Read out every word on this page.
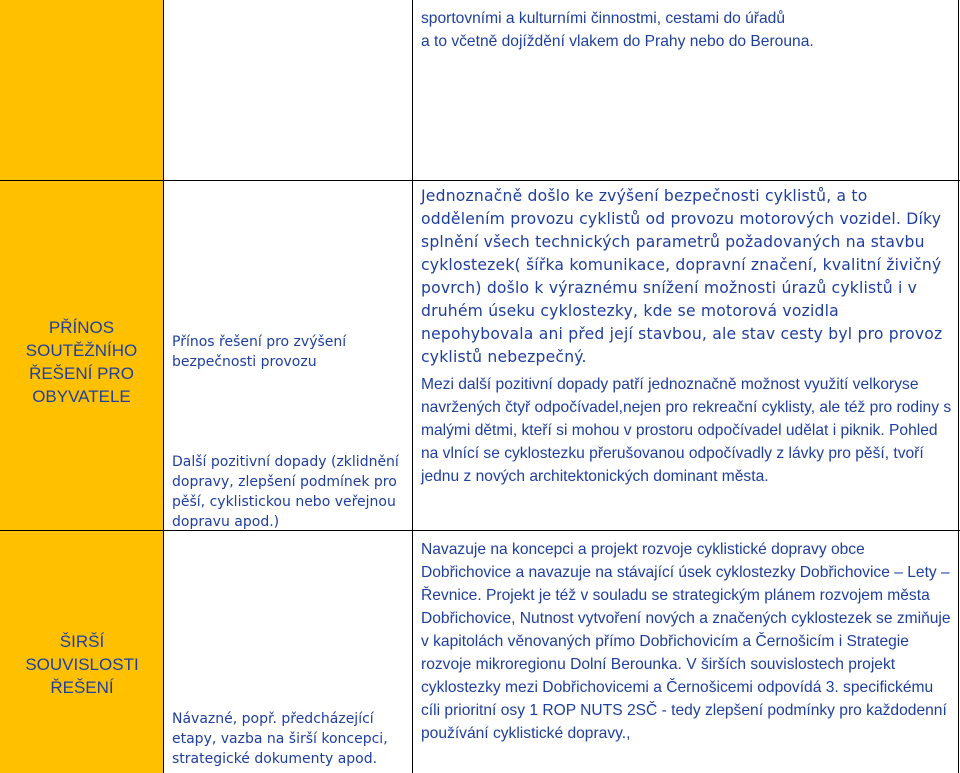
PŘÍNOS SOUTĚŽNÍHO ŘEŠENÍ PRO OBYVATELE
ŠIRŠÍ SOUVISLOSTI ŘEŠENÍ
Přínos řešení pro zvýšení bezpečnosti provozu
Další pozitivní dopady (zklidnění dopravy, zlepšení podmínek pro pěší, cyklistickou nebo veřejnou dopravu apod.)
Návazné, popř. předcházející etapy, vazba na širší koncepci, strategické dokumenty apod.
sportovními a kulturními činnostmi, cestami do úřadů
a to včetně dojíždění vlakem do Prahy nebo do Berouna.
Jednoznačně došlo ke zvýšení bezpečnosti cyklistů, a to oddělením provozu cyklistů od provozu motorových vozidel. Díky splnění všech technických parametrů požadovaných na stavbu cyklostezek( šířka komunikace, dopravní značení, kvalitní živičný povrch) došlo k výraznému snížení možnosti úrazů cyklistů i v druhém úseku cyklostezky, kde se motorová vozidla nepohybovala ani před její stavbou, ale stav cesty byl pro provoz cyklistů nebezpečný.
Mezi další pozitivní dopady patří jednoznačně možnost využití velkoryse navržených čtyř odpočívadel,nejen pro rekreační cyklisty, ale též pro rodiny s malými dětmi, kteří si mohou v prostoru odpočívadel udělat i piknik. Pohled na vlnící se cyklostezku přerušovanou odpočívadly z lávky pro pěší, tvoří jednu z nových architektonických dominant města.
Navazuje na koncepci a projekt rozvoje cyklistické dopravy obce Dobřichovice a navazuje na stávající úsek cyklostezky Dobřichovice – Lety – Řevnice. Projekt je též v souladu se strategickým plánem rozvojem města Dobřichovice, Nutnost vytvoření nových a značených cyklostezek se zmiňuje v kapitolách věnovaných přímo Dobřichovicím a Černošicím i Strategie rozvoje mikroregionu Dolní Berounka. V širších souvislostech projekt cyklostezky mezi Dobřichovicemi a Černošicemi odpovídá 3. specifickému cíli prioritní osy 1 ROP NUTS 2SČ - tedy zlepšení podmínky pro každodenní používání cyklistické dopravy.,
